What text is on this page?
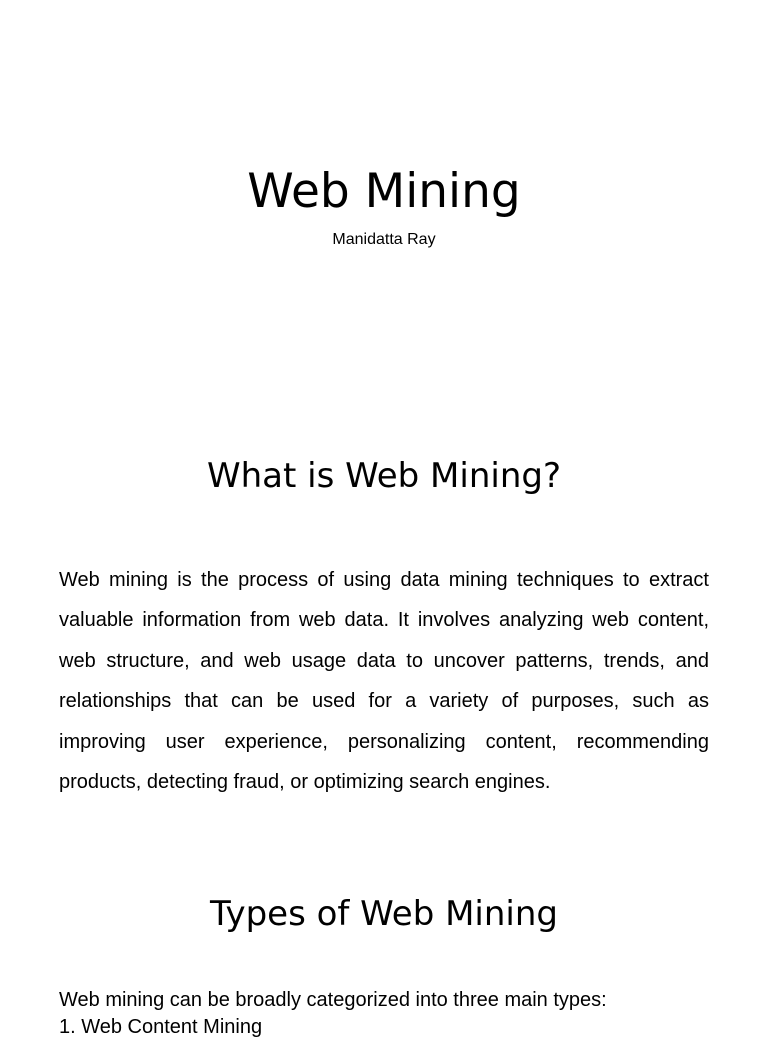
Web Mining
Manidatta Ray
What is Web Mining?

Web mining is the process of using data mining techniques to extract valuable information from web data. It involves analyzing web content, web structure, and web usage data to uncover patterns, trends, and relationships that can be used for a variety of purposes, such as improving user experience, personalizing content, recommending products, detecting fraud, or optimizing search engines.

Types of Web Mining

Web mining can be broadly categorized into three main types:

1. Web Content Mining
